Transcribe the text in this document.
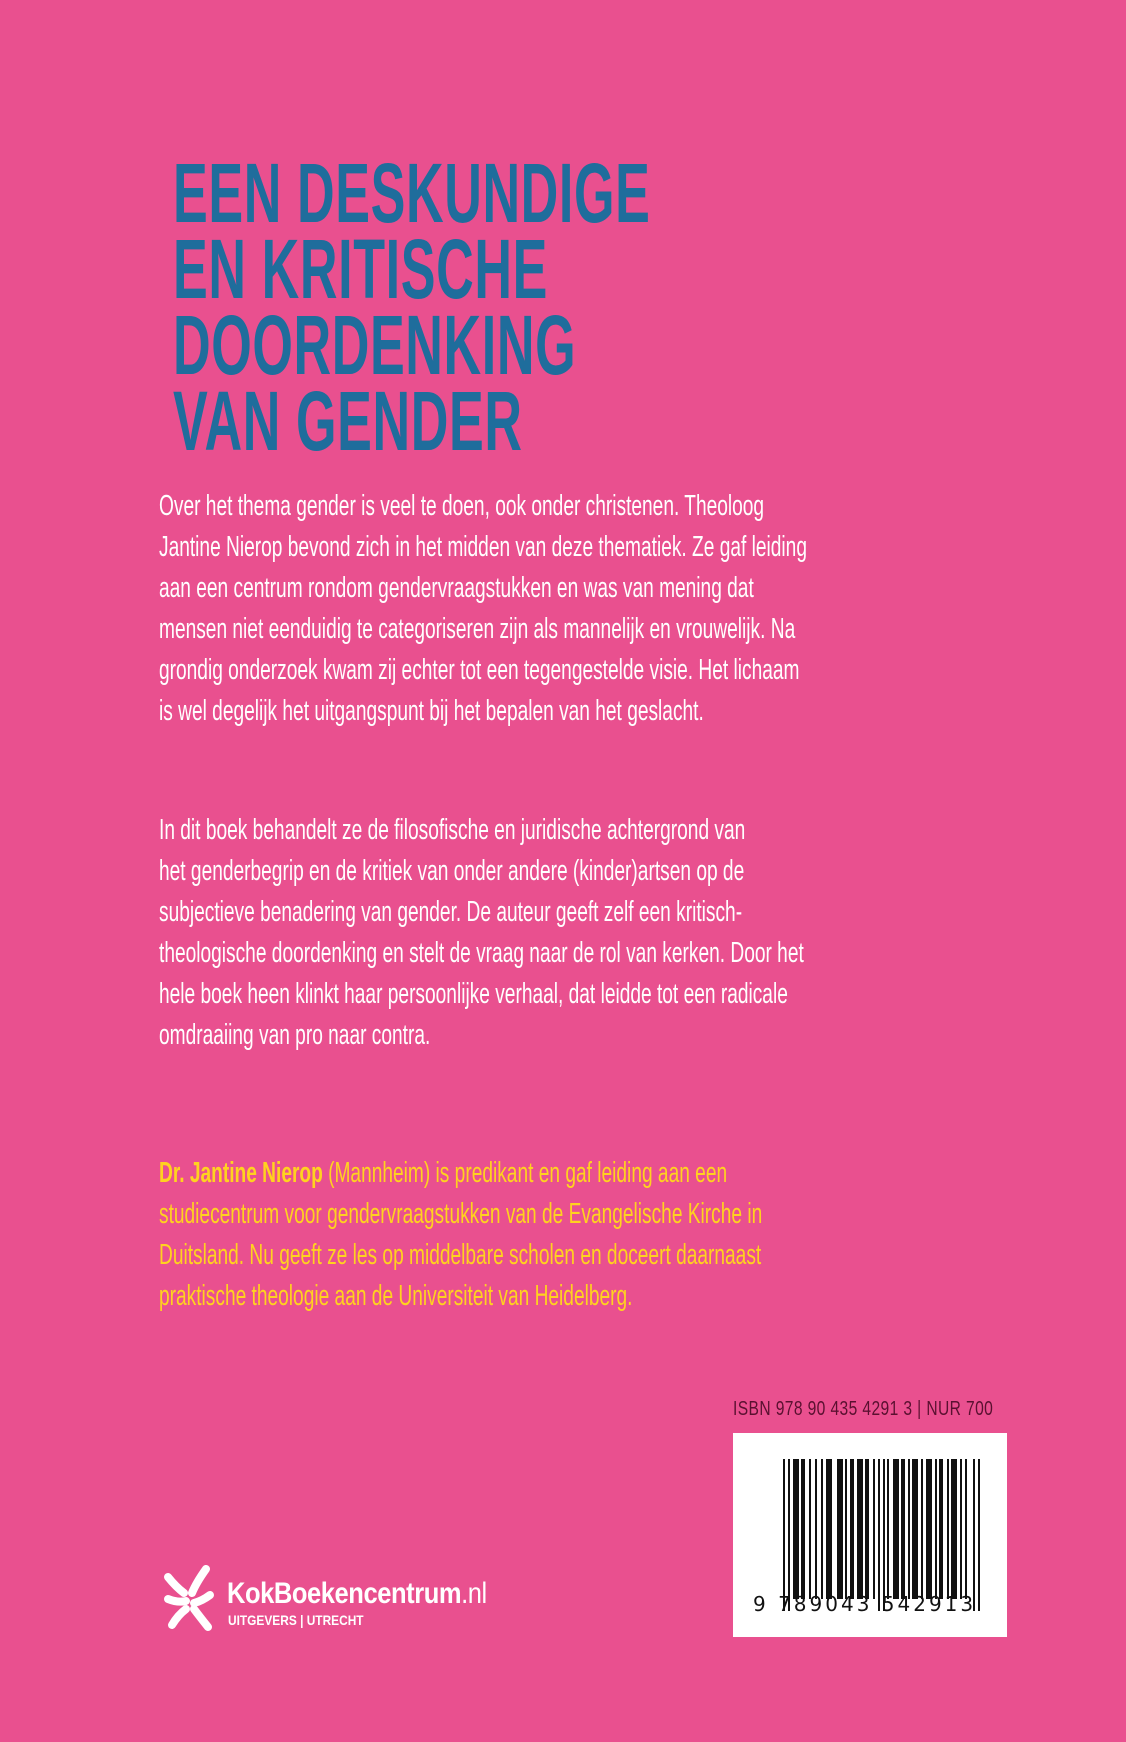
EEN DESKUNDIGE
EN KRITISCHE
DOORDENKING
VAN GENDER
Over het thema gender is veel te doen, ook onder christenen. Theoloog
Jantine Nierop bevond zich in het midden van deze thematiek. Ze gaf leiding
aan een centrum rondom gendervraagstukken en was van mening dat
mensen niet eenduidig te categoriseren zijn als mannelijk en vrouwelijk. Na
grondig onderzoek kwam zij echter tot een tegengestelde visie. Het lichaam
is wel degelijk het uitgangspunt bij het bepalen van het geslacht.
In dit boek behandelt ze de filosofische en juridische achtergrond van
het genderbegrip en de kritiek van onder andere (kinder)artsen op de
subjectieve benadering van gender. De auteur geeft zelf een kritisch-
theologische doordenking en stelt de vraag naar de rol van kerken. Door het
hele boek heen klinkt haar persoonlijke verhaal, dat leidde tot een radicale
omdraaiing van pro naar contra.
Dr. Jantine Nierop (Mannheim) is predikant en gaf leiding aan een
studiecentrum voor gendervraagstukken van de Evangelische Kirche in
Duitsland. Nu geeft ze les op middelbare scholen en doceert daarnaast
praktische theologie aan de Universiteit van Heidelberg.
ISBN 978 90 435 4291 3 | NUR 700
9 789043 542913
KokBoekencentrum.nl
UITGEVERS | UTRECHT
